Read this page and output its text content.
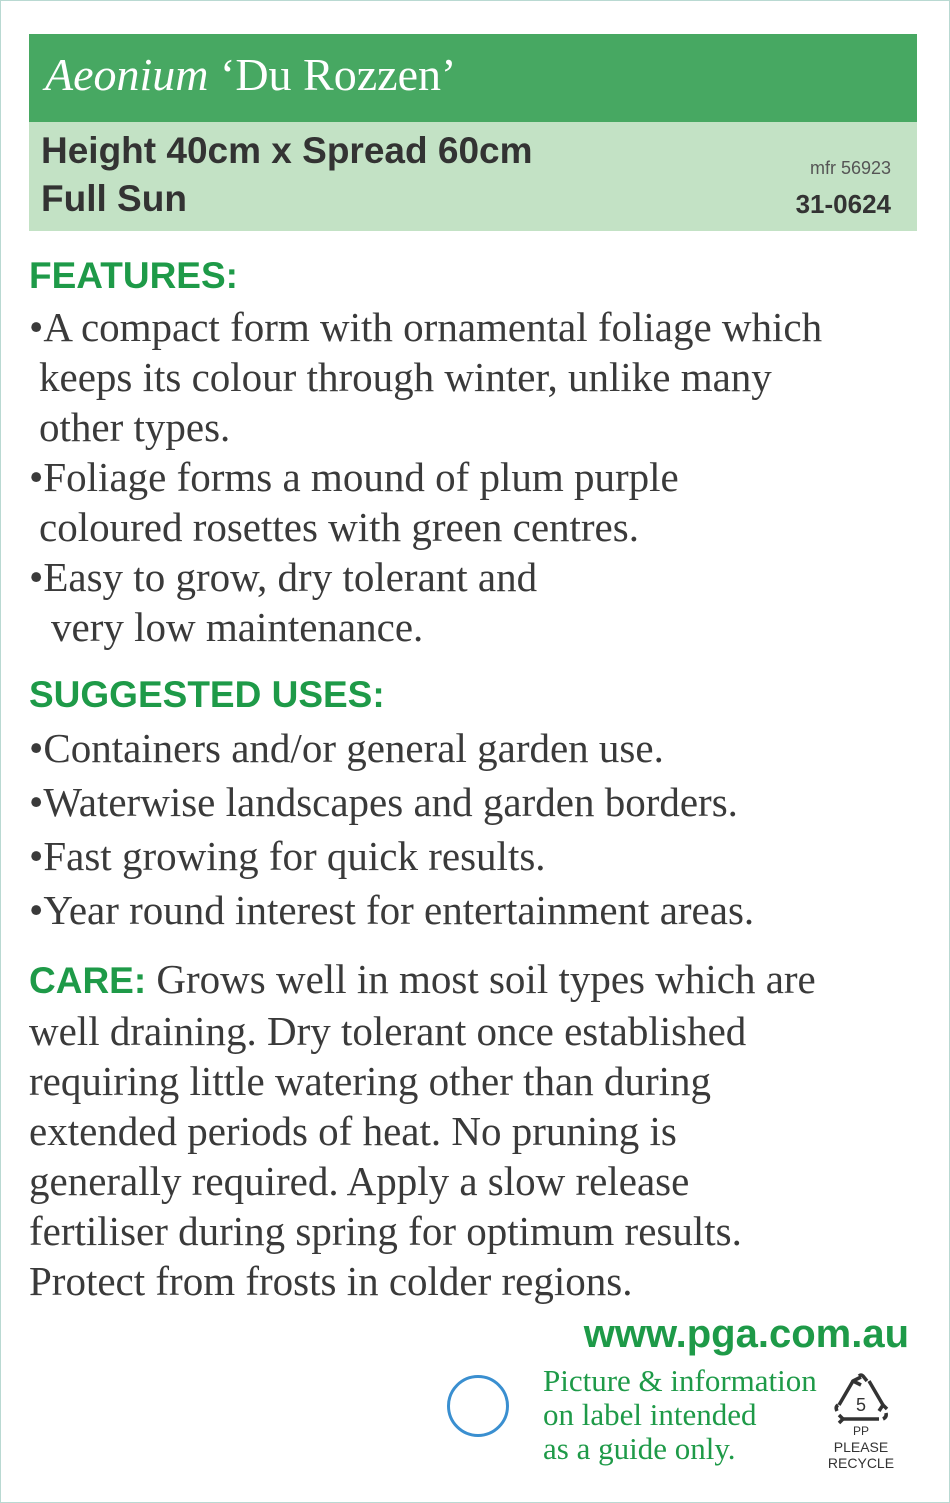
Aeonium ‘Du Rozzen’
Height 40cm x Spread 60cm
Full Sun
mfr 56923
31-0624
FEATURES:
•A compact form with ornamental foliage which
keeps its colour through winter, unlike many
other types.
•Foliage forms a mound of plum purple
coloured rosettes with green centres.
•Easy to grow, dry tolerant and
very low maintenance.
SUGGESTED USES:
•Containers and/or general garden use.
•Waterwise landscapes and garden borders.
•Fast growing for quick results.
•Year round interest for entertainment areas.
CARE: Grows well in most soil types which are
well draining. Dry tolerant once established
requiring little watering other than during
extended periods of heat. No pruning is
generally required. Apply a slow release
fertiliser during spring for optimum results.
Protect from frosts in colder regions.
www.pga.com.au
Picture & information
on label intended
as a guide only.
5
PP
PLEASE RECYCLE
